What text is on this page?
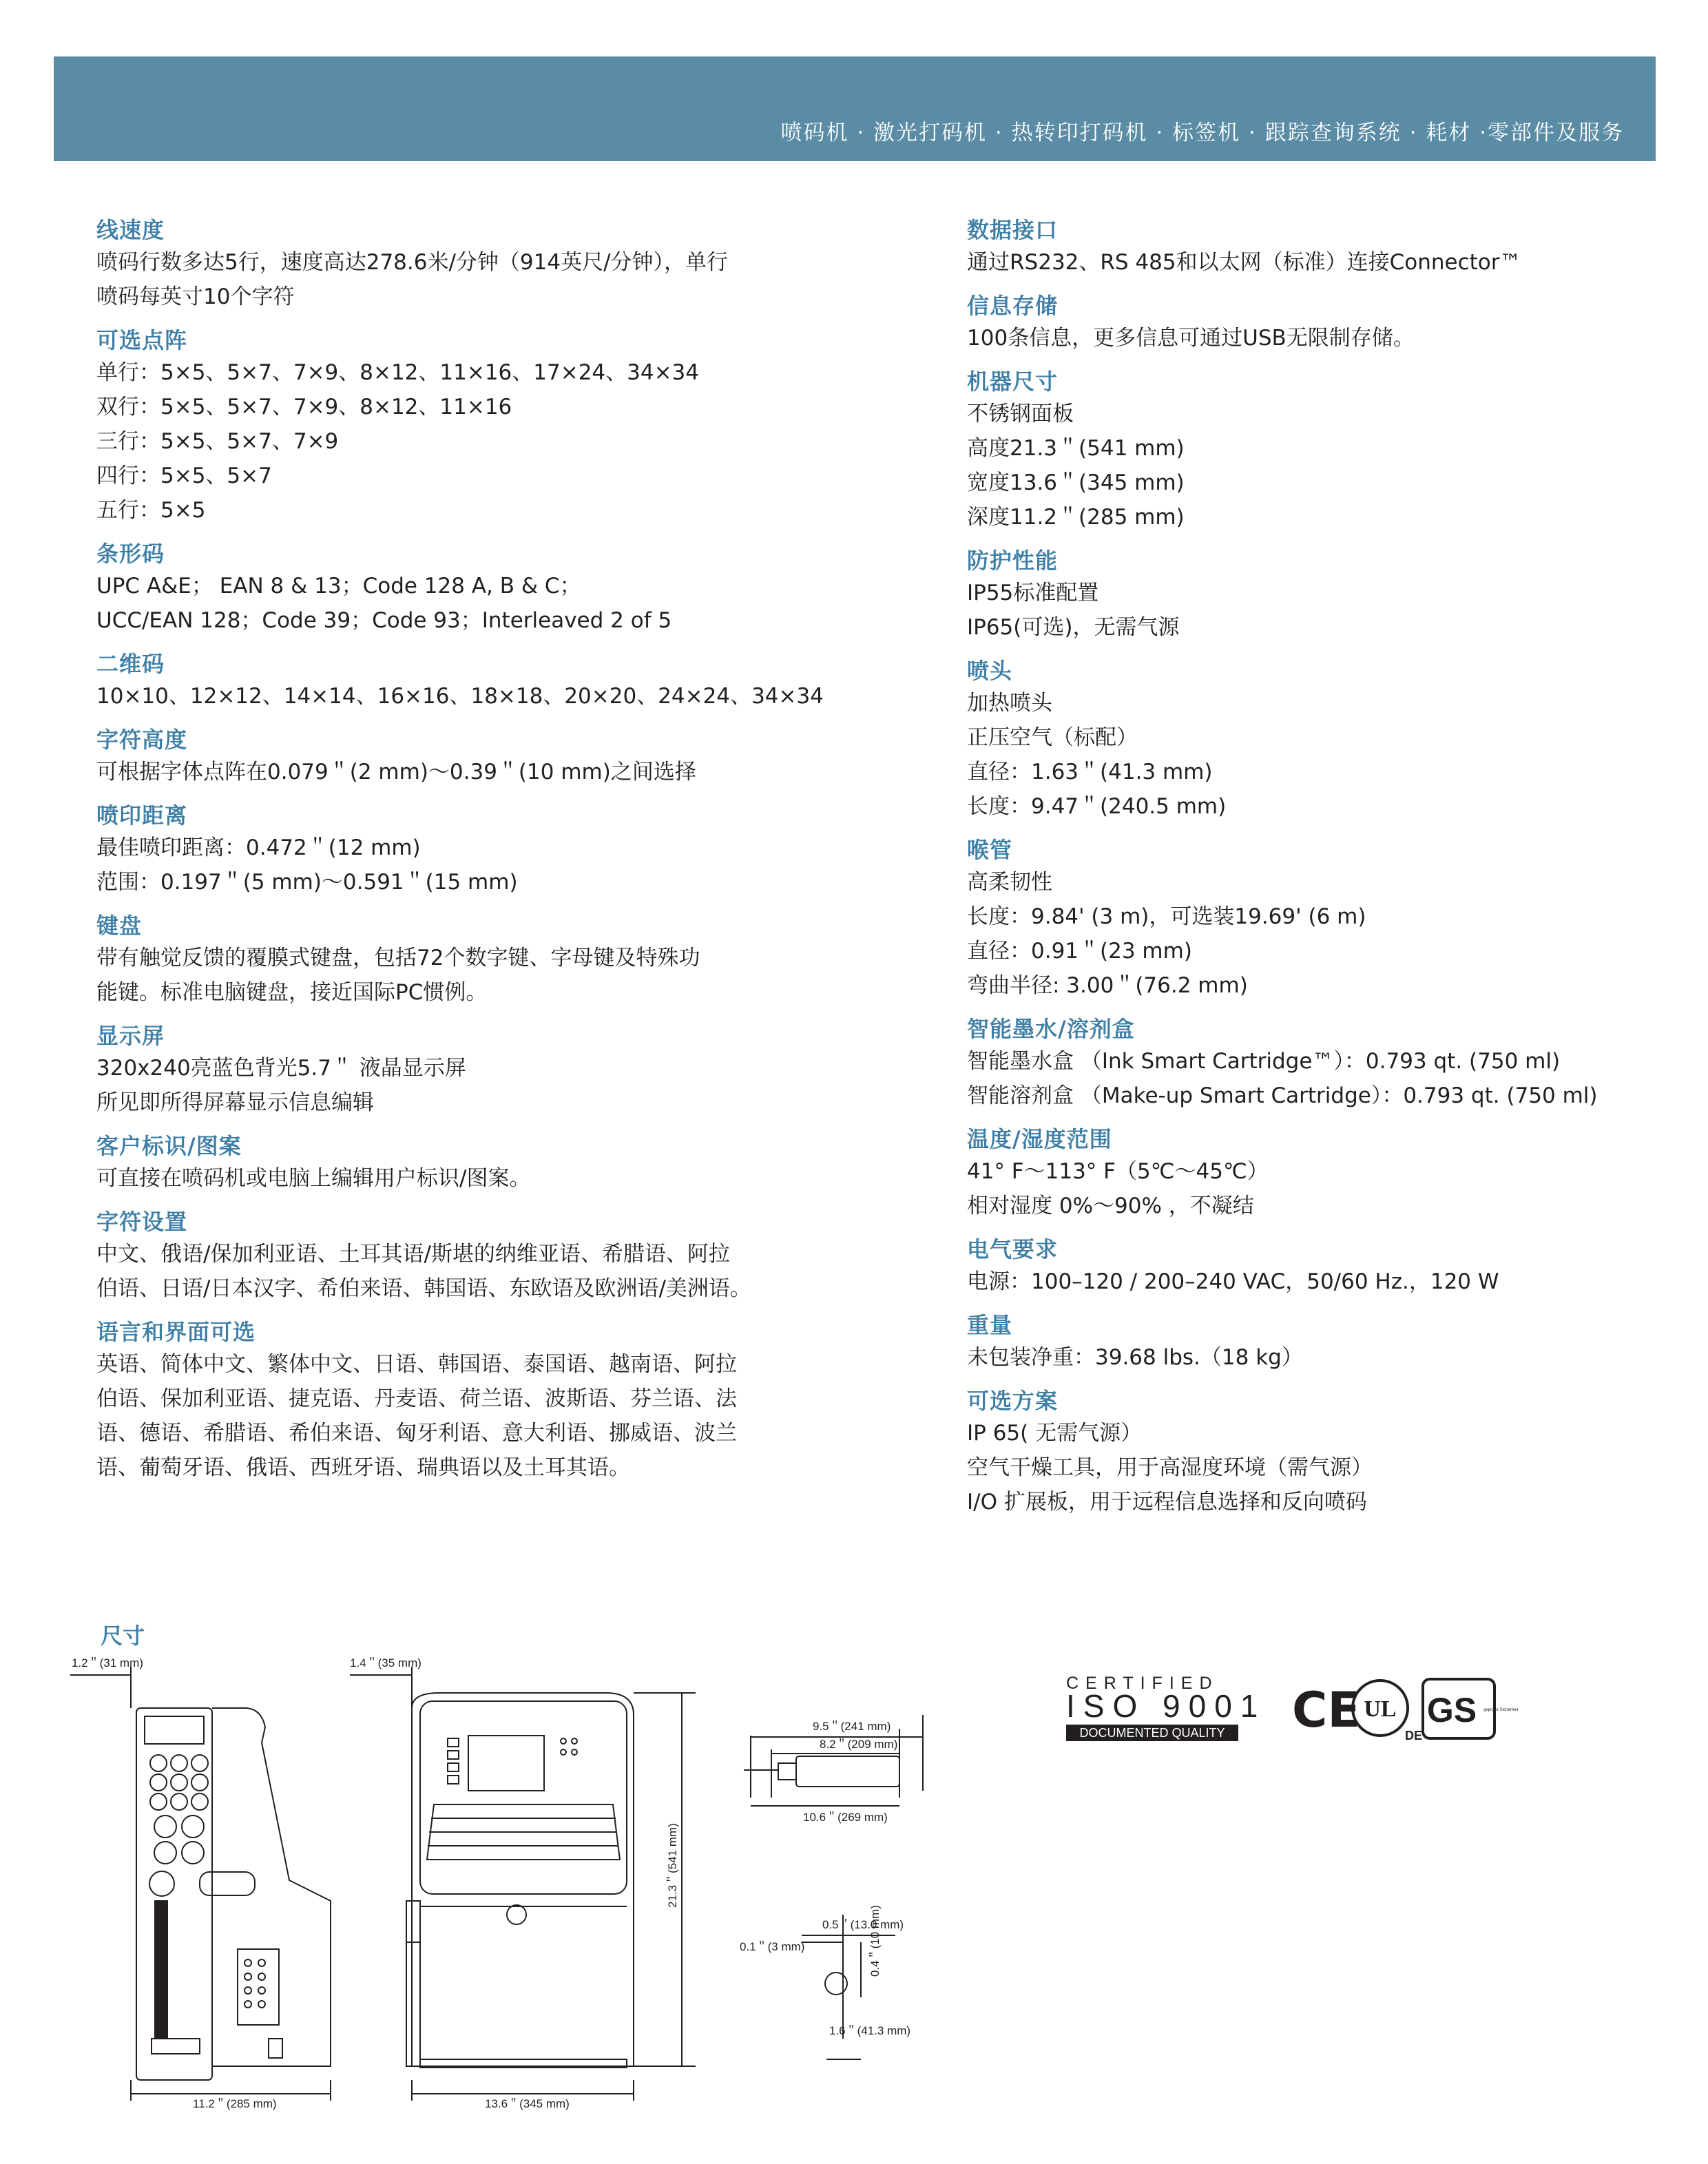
喷码机 · 激光打码机 · 热转印打码机 · 标签机 · 跟踪查询系统 · 耗材 ·零部件及服务
线速度
喷码行数多达5行，速度高达278.6米/分钟（914英尺/分钟），单行
喷码每英寸10个字符
可选点阵
单行：5×5、5×7、7×9、8×12、11×16、17×24、34×34
双行：5×5、5×7、7×9、8×12、11×16
三行：5×5、5×7、7×9
四行：5×5、5×7
五行：5×5
条形码
UPC A&E； EAN 8 & 13；Code 128 A, B & C；
UCC/EAN 128；Code 39；Code 93；Interleaved 2 of 5
二维码
10×10、12×12、14×14、16×16、18×18、20×20、24×24、34×34
字符高度
可根据字体点阵在0.079＂(2 mm)～0.39＂(10 mm)之间选择
喷印距离
最佳喷印距离：0.472＂(12 mm)
范围：0.197＂(5 mm)～0.591＂(15 mm)
键盘
带有触觉反馈的覆膜式键盘，包括72个数字键、字母键及特殊功
能键。标准电脑键盘，接近国际PC惯例。
显示屏
320x240亮蓝色背光5.7＂ 液晶显示屏
所见即所得屏幕显示信息编辑
客户标识/图案
可直接在喷码机或电脑上编辑用户标识/图案。
字符设置
中文、俄语/保加利亚语、土耳其语/斯堪的纳维亚语、希腊语、阿拉
伯语、日语/日本汉字、希伯来语、韩国语、东欧语及欧洲语/美洲语。
语言和界面可选
英语、简体中文、繁体中文、日语、韩国语、泰国语、越南语、阿拉
伯语、保加利亚语、捷克语、丹麦语、荷兰语、波斯语、芬兰语、法
语、德语、希腊语、希伯来语、匈牙利语、意大利语、挪威语、波兰
语、葡萄牙语、俄语、西班牙语、瑞典语以及土耳其语。
数据接口
通过RS232、RS 485和以太网（标准）连接Connector™
信息存储
100条信息，更多信息可通过USB无限制存储。
机器尺寸
不锈钢面板
高度21.3＂(541 mm)
宽度13.6＂(345 mm)
深度11.2＂(285 mm)
防护性能
IP55标准配置
IP65(可选)，无需气源
喷头
加热喷头
正压空气（标配）
直径：1.63＂(41.3 mm)
长度：9.47＂(240.5 mm)
喉管
高柔韧性
长度：9.84' (3 m)，可选装19.69' (6 m)
直径：0.91＂(23 mm)
弯曲半径: 3.00＂(76.2 mm)
智能墨水/溶剂盒
智能墨水盒 （Ink Smart Cartridge™）：0.793 qt. (750 ml)
智能溶剂盒 （Make-up Smart Cartridge）：0.793 qt. (750 ml)
温度/湿度范围
41° F～113° F（5℃～45℃）
相对湿度 0%～90% ，不凝结
电气要求
电源：100–120 / 200–240 VAC，50/60 Hz.，120 W
重量
未包装净重：39.68 lbs.（18 kg）
可选方案
IP 65( 无需气源）
空气干燥工具，用于高湿度环境（需气源）
I/O 扩展板，用于远程信息选择和反向喷码
尺寸
1.2＂(31 mm)
11.2＂(285 mm)
1.4＂(35 mm)
13.6＂(345 mm)
21.3＂(541 mm)
9.5＂(241 mm)
8.2＂(209 mm)
10.6＂(269 mm)
0.5＂(13.0 mm)
0.1＂(3 mm)	0.4＂(10 mm)
1.6＂(41.3 mm)
CERTIFIED
ISO 9001
DOCUMENTED QUALITY CE UL
DE
GS geprüfte Sicherheit
